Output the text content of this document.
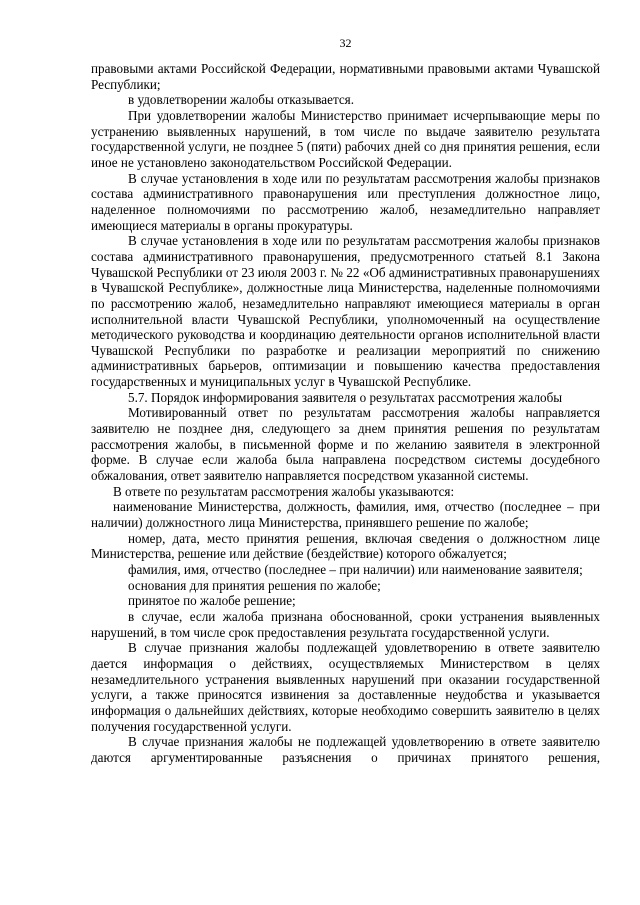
32

правовыми актами Российской Федерации, нормативными правовыми актами Чувашской Республики;

в удовлетворении жалобы отказывается.

При удовлетворении жалобы Министерство принимает исчерпывающие меры по устранению выявленных нарушений, в том числе по выдаче заявителю результата государственной услуги, не позднее 5 (пяти) рабочих дней со дня принятия решения, если иное не установлено законодательством Российской Федерации.

В случае установления в ходе или по результатам рассмотрения жалобы признаков состава административного правонарушения или преступления должностное лицо, наделенное полномочиями по рассмотрению жалоб, незамедлительно направляет имеющиеся материалы в органы прокуратуры.

В случае установления в ходе или по результатам рассмотрения жалобы признаков состава административного правонарушения, предусмотренного статьей 8.1 Закона Чувашской Республики от 23 июля 2003 г. № 22 «Об административных правонарушениях в Чувашской Республике», должностные лица Министерства, наделенные полномочиями по рассмотрению жалоб, незамедлительно направляют имеющиеся материалы в орган исполнительной власти Чувашской Республики, уполномоченный на осуществление методического руководства и координацию деятельности органов исполнительной власти Чувашской Республики по разработке и реализации мероприятий по снижению административных барьеров, оптимизации и повышению качества предоставления государственных и муниципальных услуг в Чувашской Республике.

5.7. Порядок информирования заявителя о результатах рассмотрения жалобы

Мотивированный ответ по результатам рассмотрения жалобы направляется заявителю не позднее дня, следующего за днем принятия решения по результатам рассмотрения жалобы, в письменной форме и по желанию заявителя в электронной форме. В случае если жалоба была направлена посредством системы досудебного обжалования, ответ заявителю направляется посредством указанной системы.

В ответе по результатам рассмотрения жалобы указываются:

наименование Министерства, должность, фамилия, имя, отчество (последнее – при наличии) должностного лица Министерства, принявшего решение по жалобе;

номер, дата, место принятия решения, включая сведения о должностном лице Министерства, решение или действие (бездействие) которого обжалуется;

фамилия, имя, отчество (последнее – при наличии) или наименование заявителя;

основания для принятия решения по жалобе;

принятое по жалобе решение;

в случае, если жалоба признана обоснованной, сроки устранения выявленных нарушений, в том числе срок предоставления результата государственной услуги.

В случае признания жалобы подлежащей удовлетворению в ответе заявителю дается информация о действиях, осуществляемых Министерством в целях незамедлительного устранения выявленных нарушений при оказании государственной услуги, а также приносятся извинения за доставленные неудобства и указывается информация о дальнейших действиях, которые необходимо совершить заявителю в целях получения государственной услуги.

В случае признания жалобы не подлежащей удовлетворению в ответе заявителю даются аргументированные разъяснения о причинах принятого решения,
